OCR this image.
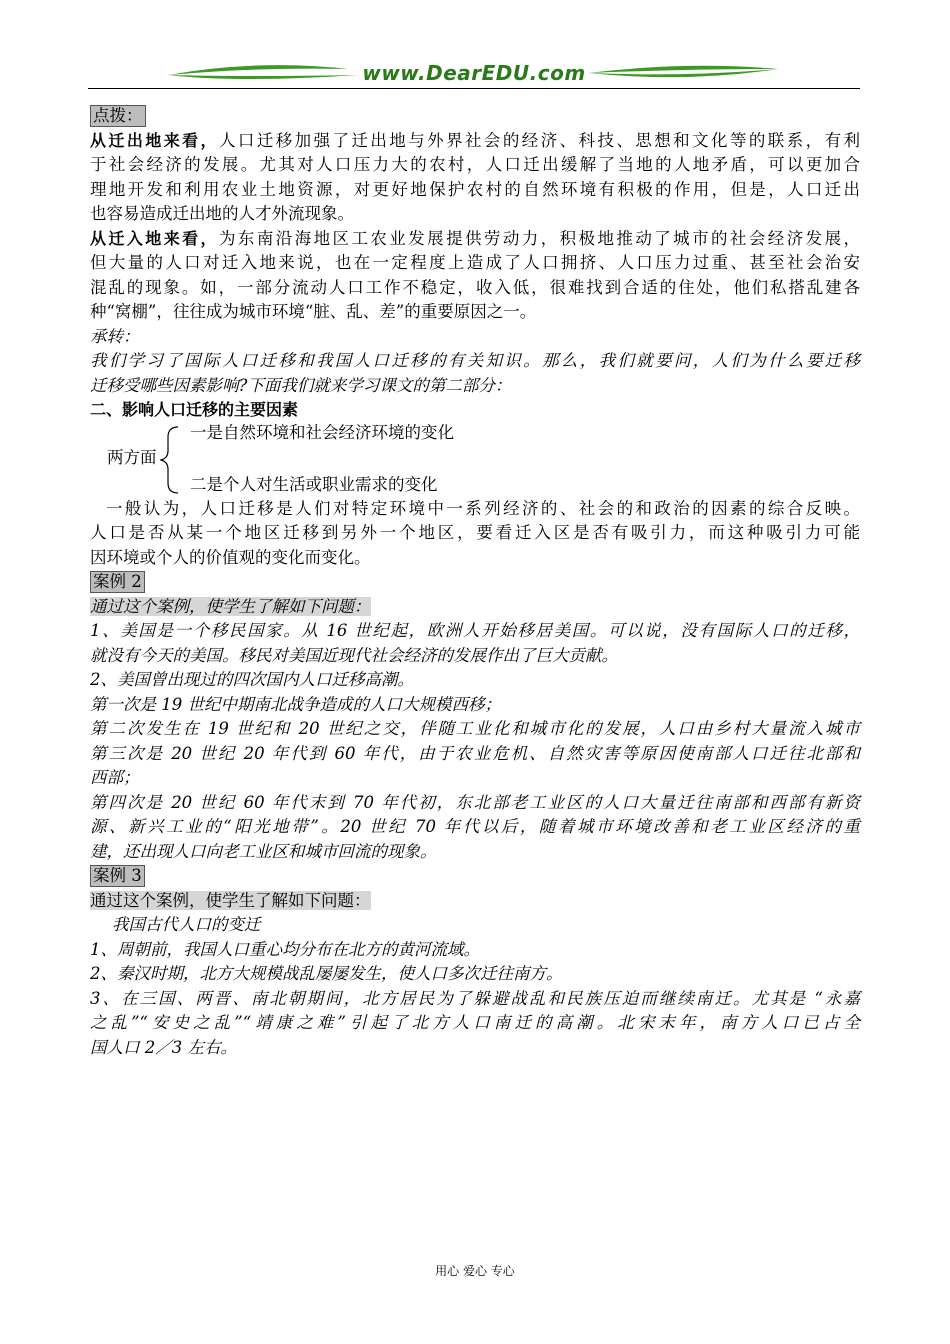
www.DearEDU.com
点拨：
从迁出地来看，人口迁移加强了迁出地与外界社会的经济、科技、思想和文化等的联系，有利
于社会经济的发展。尤其对人口压力大的农村，人口迁出缓解了当地的人地矛盾，可以更加合
理地开发和利用农业土地资源，对更好地保护农村的自然环境有积极的作用，但是，人口迁出
也容易造成迁出地的人才外流现象。
从迁入地来看，为东南沿海地区工农业发展提供劳动力，积极地推动了城市的社会经济发展，
但大量的人口对迁入地来说，也在一定程度上造成了人口拥挤、人口压力过重、甚至社会治安
混乱的现象。如，一部分流动人口工作不稳定，收入低，很难找到合适的住处，他们私搭乱建各
种“窝棚”，往往成为城市环境“脏、乱、差”的重要原因之一。
承转：
我们学习了国际人口迁移和我国人口迁移的有关知识。那么，我们就要问，人们为什么要迁移
迁移受哪些因素影响?下面我们就来学习课文的第二部分：
二、影响人口迁移的主要因素
两方面
一是自然环境和社会经济环境的变化
二是个人对生活或职业需求的变化
一般认为，人口迁移是人们对特定环境中一系列经济的、社会的和政治的因素的综合反映。
人口是否从某一个地区迁移到另外一个地区，要看迁入区是否有吸引力，而这种吸引力可能
因环境或个人的价值观的变化而变化。
案例 2
通过这个案例，使学生了解如下问题：
1、美国是一个移民国家。从 16 世纪起，欧洲人开始移居美国。可以说，没有国际人口的迁移，
就没有今天的美国。移民对美国近现代社会经济的发展作出了巨大贡献。
2、美国曾出现过的四次国内人口迁移高潮。
第一次是 19 世纪中期南北战争造成的人口大规模西移；
第二次发生在 19 世纪和 20 世纪之交，伴随工业化和城市化的发展，人口由乡村大量流入城市
第三次是 20 世纪 20 年代到 60 年代，由于农业危机、自然灾害等原因使南部人口迁往北部和
西部；
第四次是 20 世纪 60 年代末到 70 年代初，东北部老工业区的人口大量迁往南部和西部有新资
源、新兴工业的“阳光地带”。20 世纪 70 年代以后，随着城市环境改善和老工业区经济的重
建，还出现人口向老工业区和城市回流的现象。
案例 3
通过这个案例，使学生了解如下问题：
我国古代人口的变迁
1、周朝前，我国人口重心均分布在北方的黄河流域。
2、秦汉时期，北方大规模战乱屡屡发生，使人口多次迁往南方。
3、在三国、两晋、南北朝期间，北方居民为了躲避战乱和民族压迫而继续南迁。尤其是 “永嘉
之乱”“安史之乱”“靖康之难”引起了北方人口南迁的高潮。北宋末年，南方人口已占全
国人口 2／3 左右。
用心 爱心 专心
